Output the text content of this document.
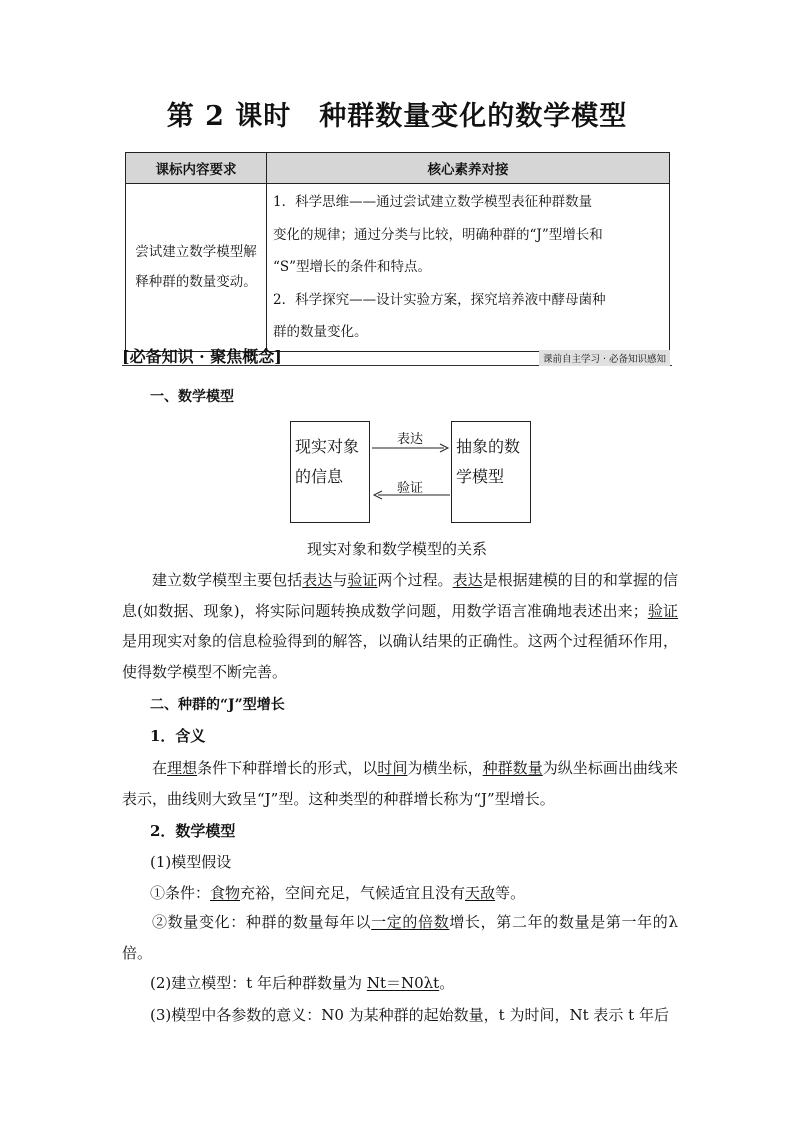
第 2 课时　种群数量变化的数学模型
课标内容要求	核心素养对接
尝试建立数学模型解释种群的数量变动。	1．科学思维——通过尝试建立数学模型表征种群数量
变化的规律；通过分类与比较，明确种群的“J”型增长和
“S”型增长的条件和特点。
2．科学探究——设计实验方案，探究培养液中酵母菌种
群的数量变化。
[必备知识 · 聚焦概念]	课前自主学习 · 必备知识感知
一、数学模型
现实对象
的信息
抽象的数
学模型
表达
验证
现实对象和数学模型的关系
建立数学模型主要包括表达与验证两个过程。表达是根据建模的目的和掌握的信息(如数据、现象)，将实际问题转换成数学问题，用数学语言准确地表述出来；验证是用现实对象的信息检验得到的解答，以确认结果的正确性。这两个过程循环作用，使得数学模型不断完善。
二、种群的“J”型增长
1．含义
在理想条件下种群增长的形式，以时间为横坐标，种群数量为纵坐标画出曲线来表示，曲线则大致呈“J”型。这种类型的种群增长称为“J”型增长。
2．数学模型
(1)模型假设
①条件：食物充裕，空间充足，气候适宜且没有天敌等。
②数量变化：种群的数量每年以一定的倍数增长，第二年的数量是第一年的λ倍。
(2)建立模型：t 年后种群数量为 Nt＝N0λt。
(3)模型中各参数的意义：N0 为某种群的起始数量，t 为时间，Nt 表示 t 年后
